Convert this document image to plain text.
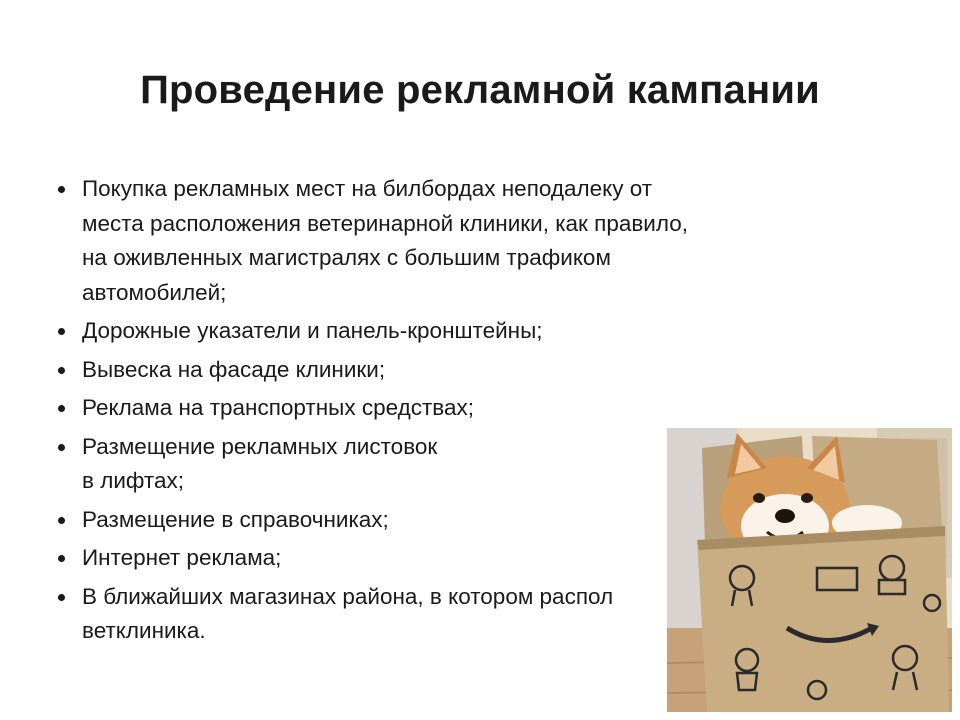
Проведение рекламной кампании
Покупка рекламных мест на билбордах неподалеку от
места расположения ветеринарной клиники, как правило,
на оживленных магистралях с большим трафиком
автомобилей;
Дорожные указатели и панель-кронштейны;
Вывеска на фасаде клиники;
Реклама на транспортных средствах;
Размещение рекламных листовок
в лифтах;
Размещение в справочниках;
Интернет реклама;
В ближайших магазинах района, в котором распол
ветклиника.
